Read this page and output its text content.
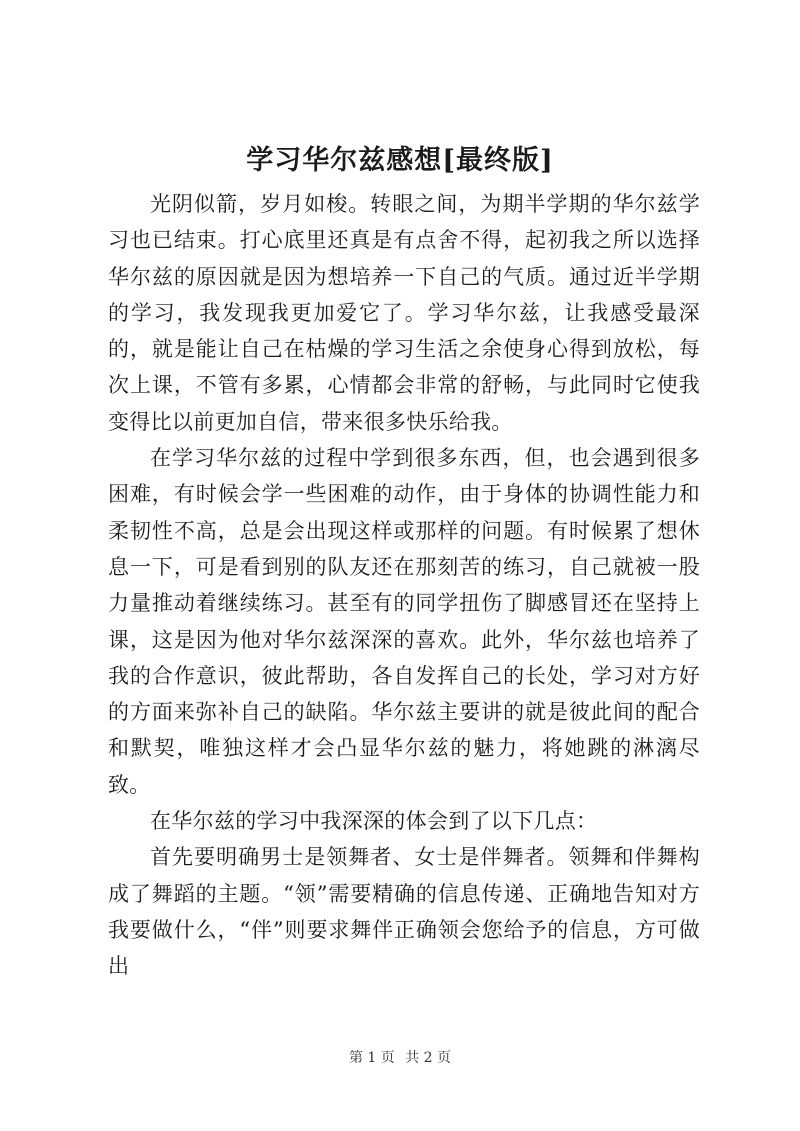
学习华尔兹感想[最终版]

光阴似箭，岁月如梭。转眼之间，为期半学期的华尔兹学习也已结束。打心底里还真是有点舍不得，起初我之所以选择华尔兹的原因就是因为想培养一下自己的气质。通过近半学期的学习，我发现我更加爱它了。学习华尔兹，让我感受最深的，就是能让自己在枯燥的学习生活之余使身心得到放松，每次上课，不管有多累，心情都会非常的舒畅，与此同时它使我变得比以前更加自信，带来很多快乐给我。

在学习华尔兹的过程中学到很多东西，但，也会遇到很多困难，有时候会学一些困难的动作，由于身体的协调性能力和柔韧性不高，总是会出现这样或那样的问题。有时候累了想休息一下，可是看到别的队友还在那刻苦的练习，自己就被一股力量推动着继续练习。甚至有的同学扭伤了脚感冒还在坚持上课，这是因为他对华尔兹深深的喜欢。此外，华尔兹也培养了我的合作意识，彼此帮助，各自发挥自己的长处，学习对方好的方面来弥补自己的缺陷。华尔兹主要讲的就是彼此间的配合和默契，唯独这样才会凸显华尔兹的魅力，将她跳的淋漓尽致。

在华尔兹的学习中我深深的体会到了以下几点：

首先要明确男士是领舞者、女士是伴舞者。领舞和伴舞构成了舞蹈的主题。“领”需要精确的信息传递、正确地告知对方我要做什么，“伴”则要求舞伴正确领会您给予的信息，方可做出

第 1 页 共 2 页
